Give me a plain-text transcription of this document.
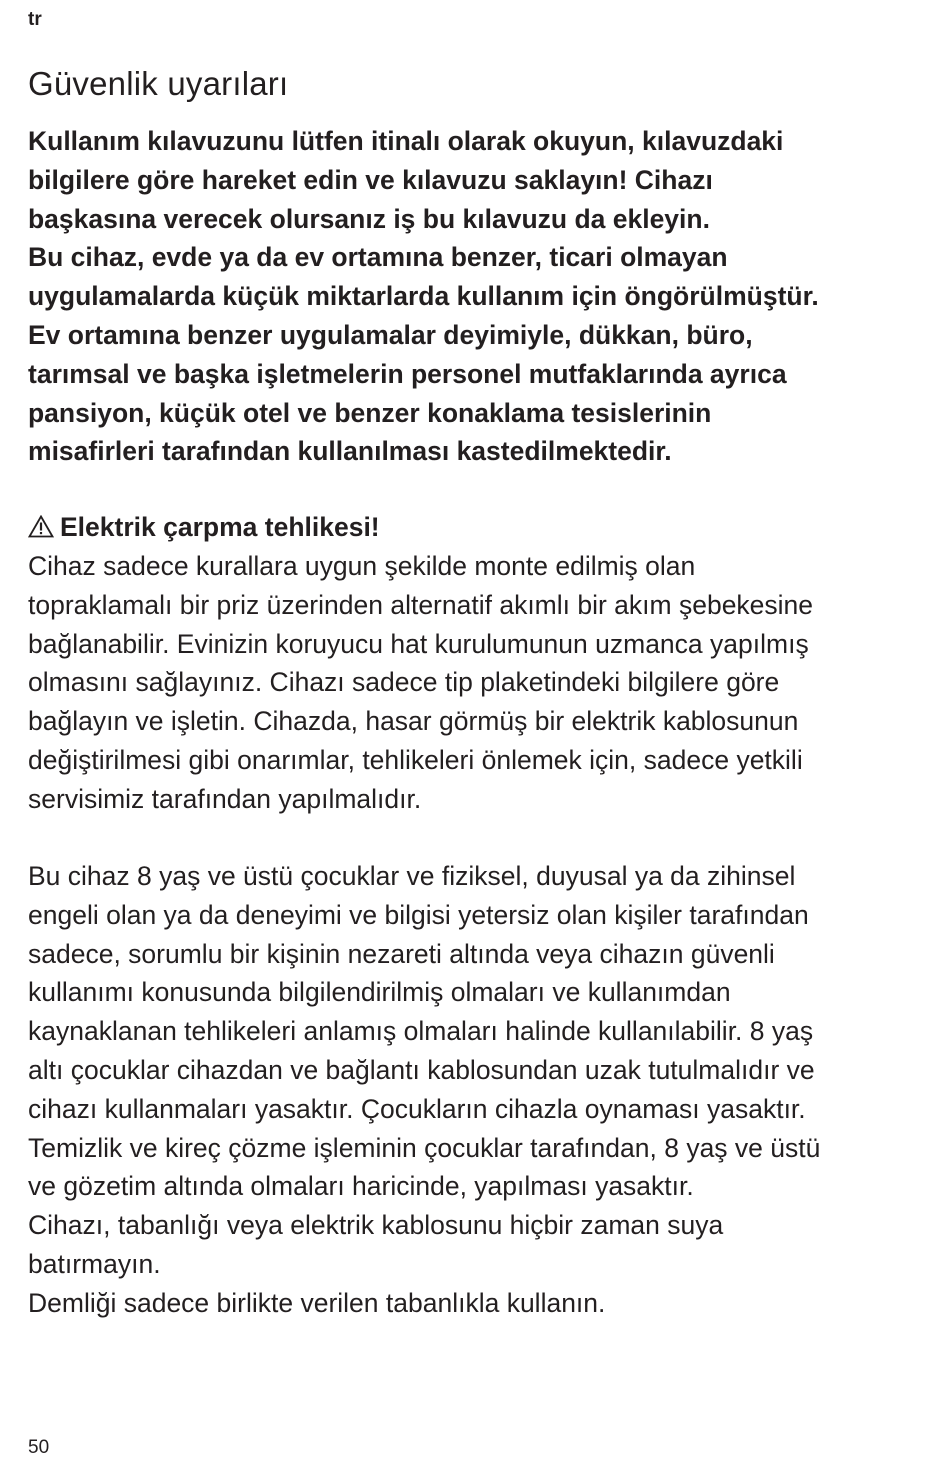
tr
Güvenlik uyarıları

Kullanım kılavuzunu lütfen itinalı olarak okuyun, kılavuzdaki
bilgilere göre hareket edin ve kılavuzu saklayın! Cihazı
başkasına verecek olursanız iş bu kılavuzu da ekleyin.
Bu cihaz, evde ya da ev ortamına benzer, ticari olmayan
uygulamalarda küçük miktarlarda kullanım için öngörülmüştür.
Ev ortamına benzer uygulamalar deyimiyle, dükkan, büro,
tarımsal ve başka işletmelerin personel mutfaklarında ayrıca
pansiyon, küçük otel ve benzer konaklama tesislerinin
misafirleri tarafından kullanılması kastedilmektedir.

Elektrik çarpma tehlikesi!

Cihaz sadece kurallara uygun şekilde monte edilmiş olan
topraklamalı bir priz üzerinden alternatif akımlı bir akım şebekesine
bağlanabilir. Evinizin koruyucu hat kurulumunun uzmanca yapılmış
olmasını sağlayınız. Cihazı sadece tip plaketindeki bilgilere göre
bağlayın ve işletin. Cihazda, hasar görmüş bir elektrik kablosunun
değiştirilmesi gibi onarımlar, tehlikeleri önlemek için, sadece yetkili
servisimiz tarafından yapılmalıdır.

Bu cihaz 8 yaş ve üstü çocuklar ve fiziksel, duyusal ya da zihinsel
engeli olan ya da deneyimi ve bilgisi yetersiz olan kişiler tarafından
sadece, sorumlu bir kişinin nezareti altında veya cihazın güvenli
kullanımı konusunda bilgilendirilmiş olmaları ve kullanımdan
kaynaklanan tehlikeleri anlamış olmaları halinde kullanılabilir. 8 yaş
altı çocuklar cihazdan ve bağlantı kablosundan uzak tutulmalıdır ve
cihazı kullanmaları yasaktır. Çocukların cihazla oynaması yasaktır.
Temizlik ve kireç çözme işleminin çocuklar tarafından, 8 yaş ve üstü
ve gözetim altında olmaları haricinde, yapılması yasaktır.
Cihazı, tabanlığı veya elektrik kablosunu hiçbir zaman suya
batırmayın.
Demliği sadece birlikte verilen tabanlıkla kullanın.

50
